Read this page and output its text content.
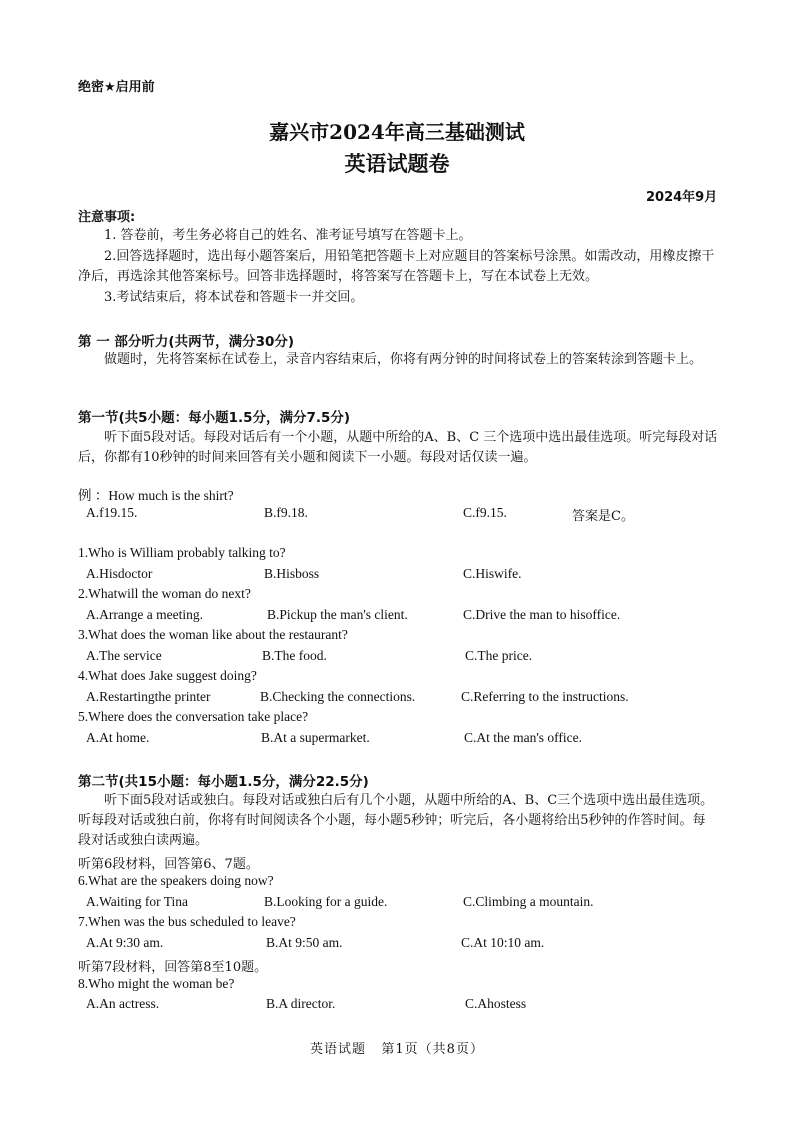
绝密★启用前
嘉兴市2024年高三基础测试
英语试题卷
2024年9月
注意事项:
1. 答卷前，考生务必将自己的姓名、准考证号填写在答题卡上。
2.回答选择题时，选出每小题答案后，用铅笔把答题卡上对应题目的答案标号涂黑。如需改动，用橡皮擦干净后，再选涂其他答案标号。回答非选择题时，将答案写在答题卡上，写在本试卷上无效。
3.考试结束后，将本试卷和答题卡一并交回。
第 一 部分听力(共两节，满分30分)
做题时，先将答案标在试卷上，录音内容结束后，你将有两分钟的时间将试卷上的答案转涂到答题卡上。
第一节(共5小题：每小题1.5分，满分7.5分)
听下面5段对话。每段对话后有一个小题，从题中所给的A、B、C 三个选项中选出最佳选项。听完每段对话后，你都有10秒钟的时间来回答有关小题和阅读下一小题。每段对话仅读一遍。
例 ：How much is the shirt?
A.f19.15.	B.f9.18.	C.f9.15.	答案是C。
1.Who is William probably talking to?
A.Hisdoctor	B.Hisboss	C.Hiswife.
2.Whatwill the woman do next?
A.Arrange a meeting.	B.Pickup the man's client.	C.Drive the man to hisoffice.
3.What does the woman like about the restaurant?
A.The service	B.The food.	C.The price.
4.What does Jake suggest doing?
A.Restartingthe printer	B.Checking the connections.	C.Referring to the instructions.
5.Where does the conversation take place?
A.At home.	B.At a supermarket.	C.At the man's office.
第二节(共15小题：每小题1.5分，满分22.5分)
听下面5段对话或独白。每段对话或独白后有几个小题，从题中所给的A、B、C三个选项中选出最佳选项。听每段对话或独白前，你将有时间阅读各个小题，每小题5秒钟；听完后，各小题将给出5秒钟的作答时间。每段对话或独白读两遍。
听第6段材料，回答第6、7题。
6.What are the speakers doing now?
A.Waiting for Tina	B.Looking for a guide.	C.Climbing a mountain.
7.When was the bus scheduled to leave?
A.At 9:30 am.	B.At 9:50 am.	C.At 10:10 am.
听第7段材料，回答第8至10题。
8.Who might the woman be?
A.An actress.	B.A director.	C.Ahostess
英语试题   第1页（共8页）
